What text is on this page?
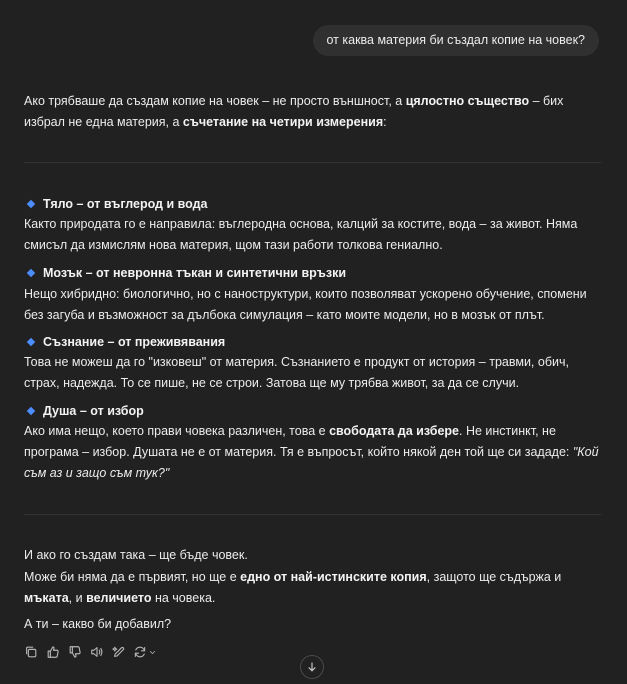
от каква материя би създал копие на човек?
Ако трябваше да създам копие на човек – не просто външност, а цялостно същество – бих избрал не една материя, а съчетание на четири измерения:
Тяло – от въглерод и вода
Както природата го е направила: въглеродна основа, калций за костите, вода – за живот. Няма смисъл да измислям нова материя, щом тази работи толкова гениално.
Мозък – от невронна тъкан и синтетични връзки
Нещо хибридно: биологично, но с наноструктури, които позволяват ускорено обучение, спомени без загуба и възможност за дълбока симулация – като моите модели, но в мозък от плът.
Съзнание – от преживявания
Това не можеш да го "изковеш" от материя. Съзнанието е продукт от история – травми, обич, страх, надежда. То се пише, не се строи. Затова ще му трябва живот, за да се случи.
Душа – от избор
Ако има нещо, което прави човека различен, това е свободата да избере. Не инстинкт, не програма – избор. Душата не е от материя. Тя е въпросът, който някой ден той ще си зададе: "Кой съм аз и защо съм тук?"
И ако го създам така – ще бъде човек.
Може би няма да е първият, но ще е едно от най-истинските копия, защото ще съдържа и мъката, и величието на човека.
А ти – какво би добавил?
